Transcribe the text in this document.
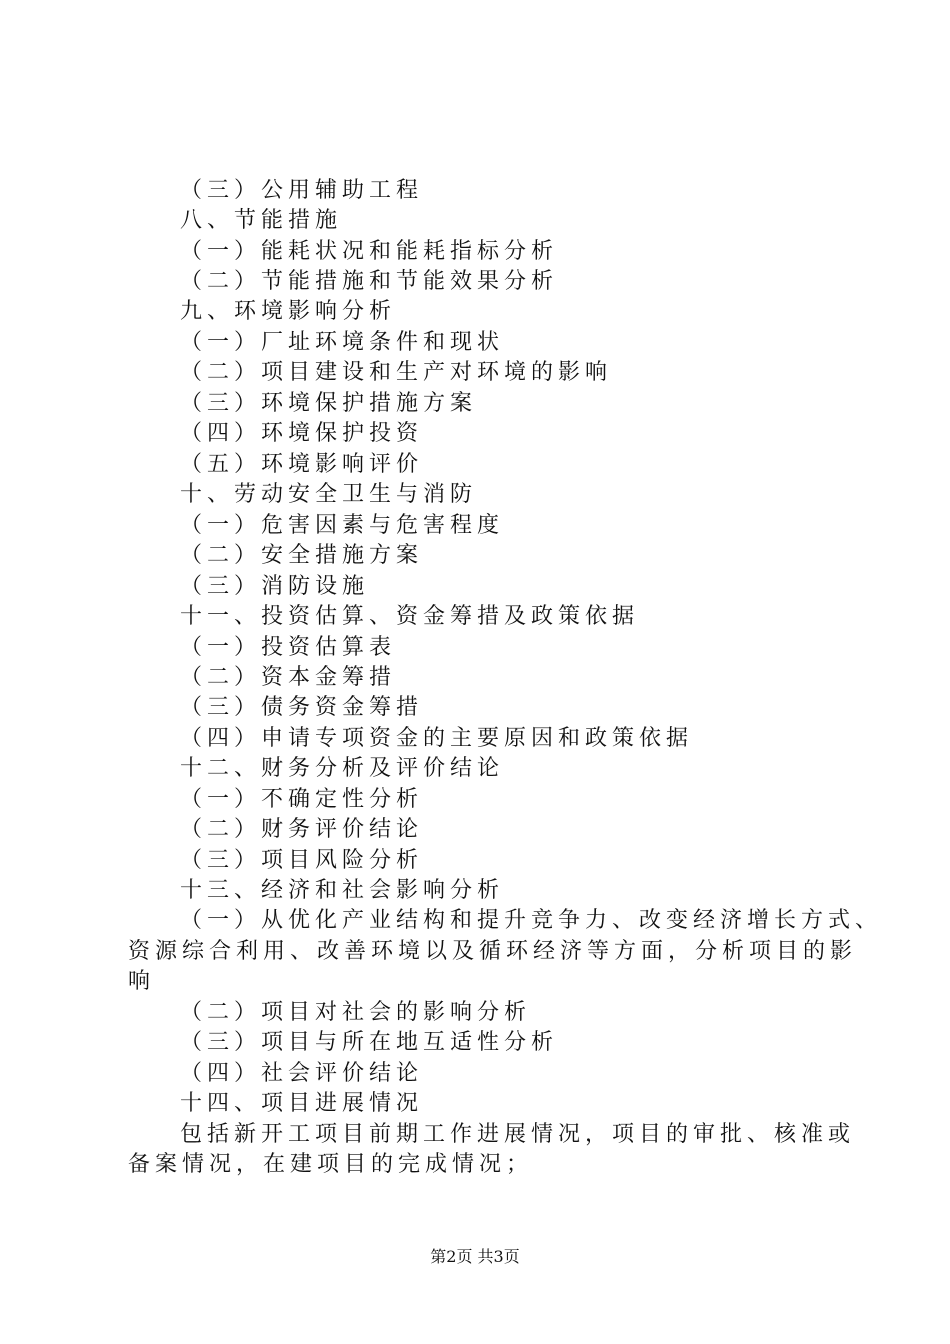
（三）公用辅助工程
八、节能措施
（一）能耗状况和能耗指标分析
（二）节能措施和节能效果分析
九、环境影响分析
（一）厂址环境条件和现状
（二）项目建设和生产对环境的影响
（三）环境保护措施方案
（四）环境保护投资
（五）环境影响评价
十、劳动安全卫生与消防
（一）危害因素与危害程度
（二）安全措施方案
（三）消防设施
十一、投资估算、资金筹措及政策依据
（一）投资估算表
（二）资本金筹措
（三）债务资金筹措
（四）申请专项资金的主要原因和政策依据
十二、财务分析及评价结论
（一）不确定性分析
（二）财务评价结论
（三）项目风险分析
十三、经济和社会影响分析
（一）从优化产业结构和提升竞争力、改变经济增长方式、
资源综合利用、改善环境以及循环经济等方面，分析项目的影
响
（二）项目对社会的影响分析
（三）项目与所在地互适性分析
（四）社会评价结论
十四、项目进展情况
包括新开工项目前期工作进展情况，项目的审批、核准或
备案情况，在建项目的完成情况；
第2页 共3页
